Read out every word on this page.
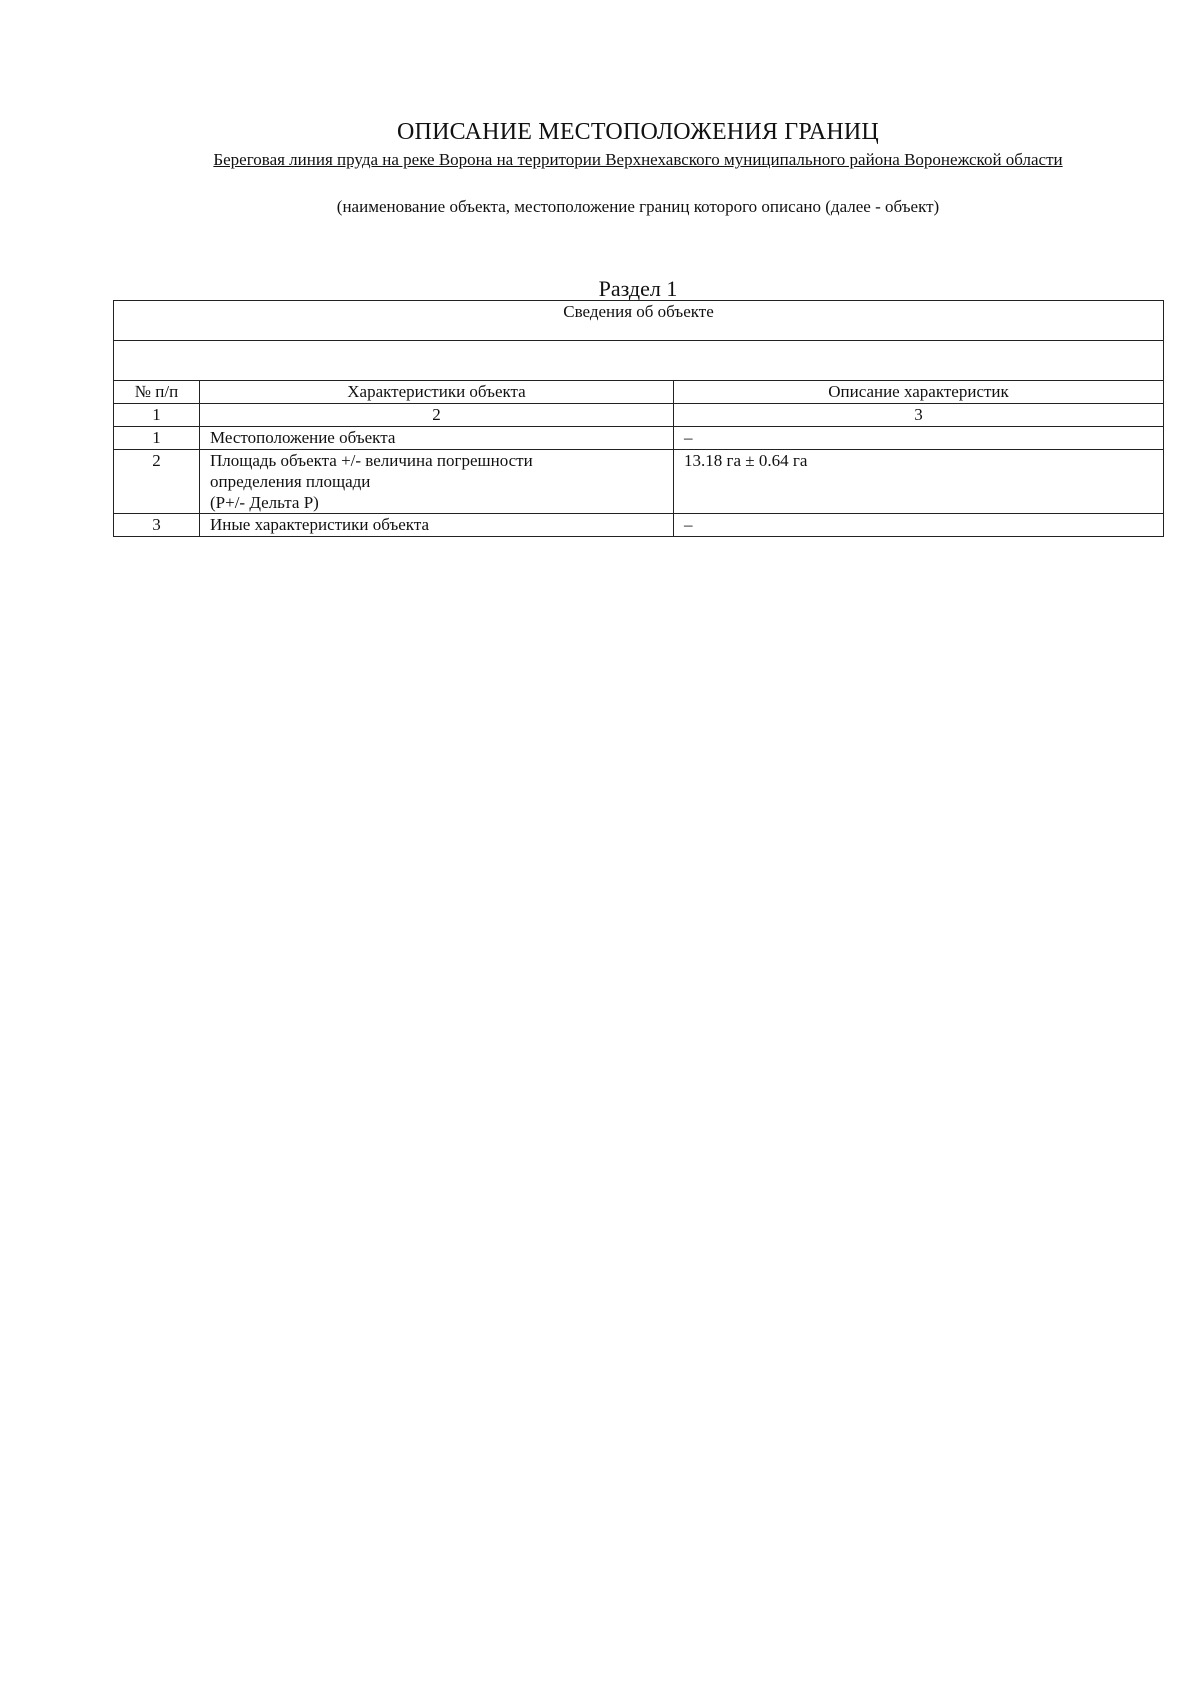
ОПИСАНИЕ МЕСТОПОЛОЖЕНИЯ ГРАНИЦ
Береговая линия пруда на реке Ворона на территории Верхнехавского муниципального района Воронежской области
(наименование объекта, местоположение границ которого описано (далее - объект)
Раздел 1
Сведения об объекте		

№ п/п	Характеристики объекта	Описание характеристик
1	2	3
1	Местоположение объекта	–
2	Площадь объекта +/- величина погрешности
определения площади
(P+/- Дельта P)	13.18 га ± 0.64 га
3	Иные характеристики объекта	–
